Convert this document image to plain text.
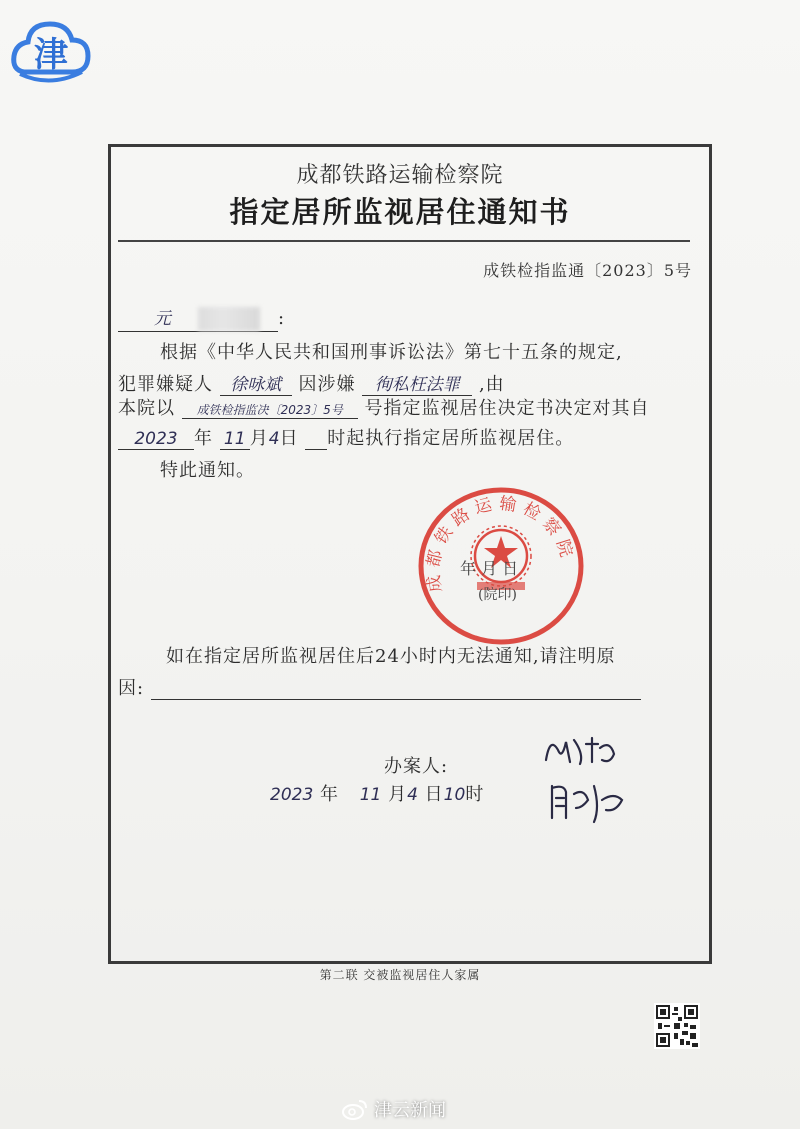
津
成都铁路运输检察院
指定居所监视居住通知书
成铁检指监通〔2023〕5号
元	:
根据《中华人民共和国刑事诉讼法》第七十五条的规定,
犯罪嫌疑人 徐咏斌 因涉嫌 徇私枉法罪 ,由
本院以 成铁检指监决〔2023〕5号 号指定监视居住决定书决定对其自
2023 年 11 月4日 时起执行指定居所监视居住。
特此通知。
成都铁路运输检察院
年 月 日
(院印)
如在指定居所监视居住后24小时内无法通知,请注明原
因:
办案人:
2023 年 11 月4 日10时
第二联 交被监视居住人家属
津云新闻
